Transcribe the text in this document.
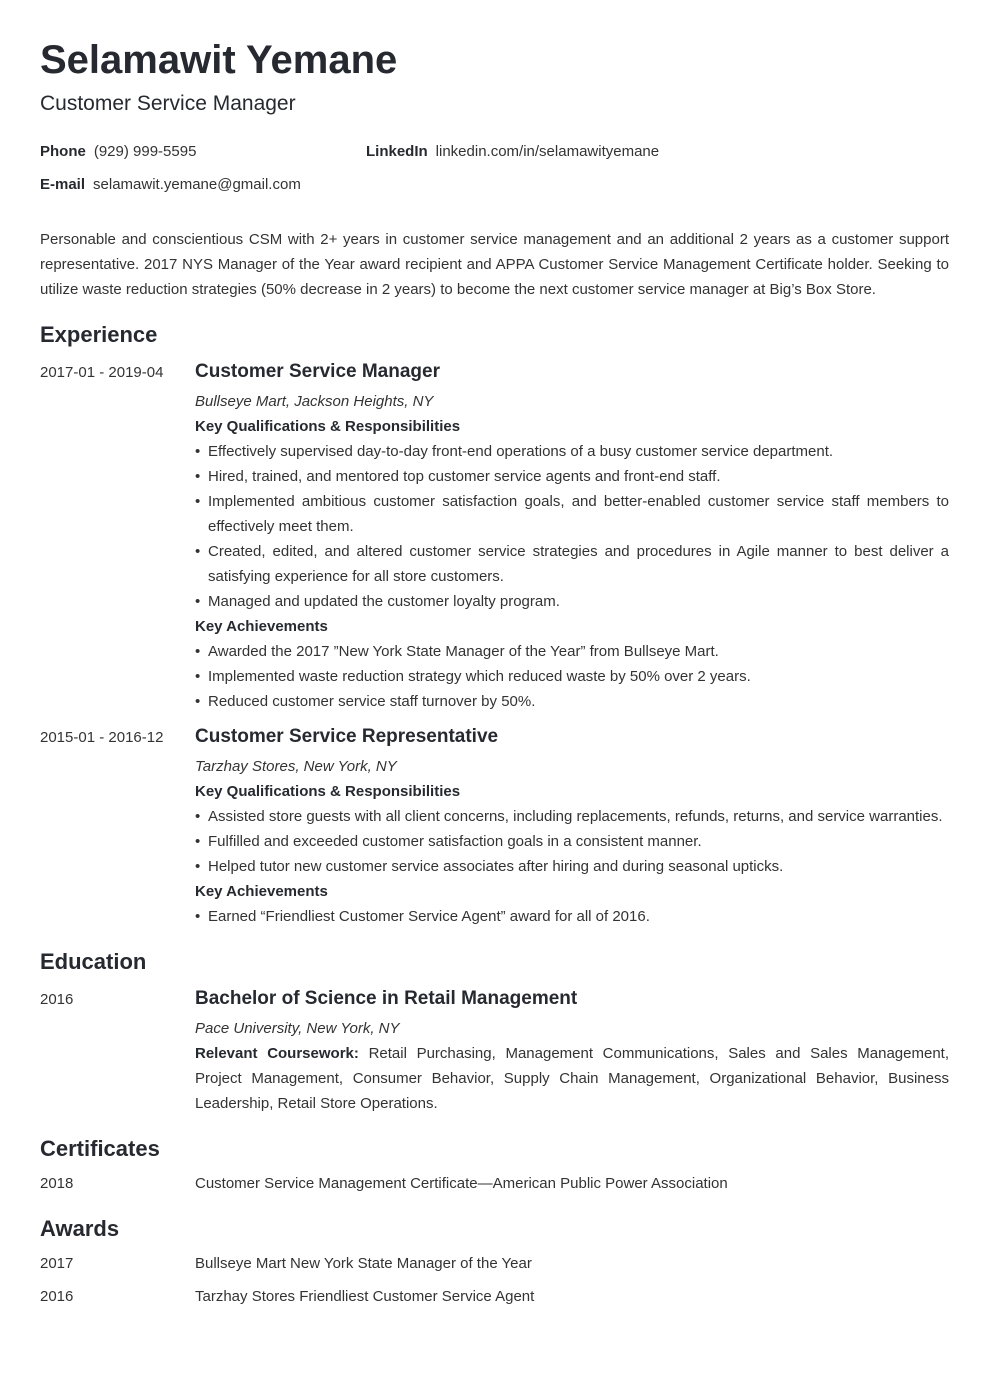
Selamawit Yemane
Customer Service Manager
Phone (929) 999-5595	LinkedIn linkedin.com/in/selamawityemane
E-mail selamawit.yemane@gmail.com

Personable and conscientious CSM with 2+ years in customer service management and an additional 2 years as a customer support representative. 2017 NYS Manager of the Year award recipient and APPA Customer Service Management Certificate holder. Seeking to utilize waste reduction strategies (50% decrease in 2 years) to become the next customer service manager at Big’s Box Store.

Experience
2017-01 - 2019-04 Customer Service Manager
Bullseye Mart, Jackson Heights, NY
Key Qualifications & Responsibilities
• Effectively supervised day-to-day front-end operations of a busy customer service department.
• Hired, trained, and mentored top customer service agents and front-end staff.
• Implemented ambitious customer satisfaction goals, and better-enabled customer service staff members to effectively meet them.
• Created, edited, and altered customer service strategies and procedures in Agile manner to best deliver a satisfying experience for all store customers.
• Managed and updated the customer loyalty program.
Key Achievements
• Awarded the 2017 ”New York State Manager of the Year” from Bullseye Mart.
• Implemented waste reduction strategy which reduced waste by 50% over 2 years.
• Reduced customer service staff turnover by 50%.
2015-01 - 2016-12 Customer Service Representative
Tarzhay Stores, New York, NY
Key Qualifications & Responsibilities
• Assisted store guests with all client concerns, including replacements, refunds, returns, and service warranties.
• Fulfilled and exceeded customer satisfaction goals in a consistent manner.
• Helped tutor new customer service associates after hiring and during seasonal upticks.
Key Achievements
• Earned “Friendliest Customer Service Agent” award for all of 2016.
Education
2016	Bachelor of Science in Retail Management
Pace University, New York, NY

Relevant Coursework: Retail Purchasing, Management Communications, Sales and Sales Management, Project Management, Consumer Behavior, Supply Chain Management, Organizational Behavior, Business Leadership, Retail Store Operations.

Certificates
2018	Customer Service Management Certificate—American Public Power Association
Awards
2017	Bullseye Mart New York State Manager of the Year
2016	Tarzhay Stores Friendliest Customer Service Agent
